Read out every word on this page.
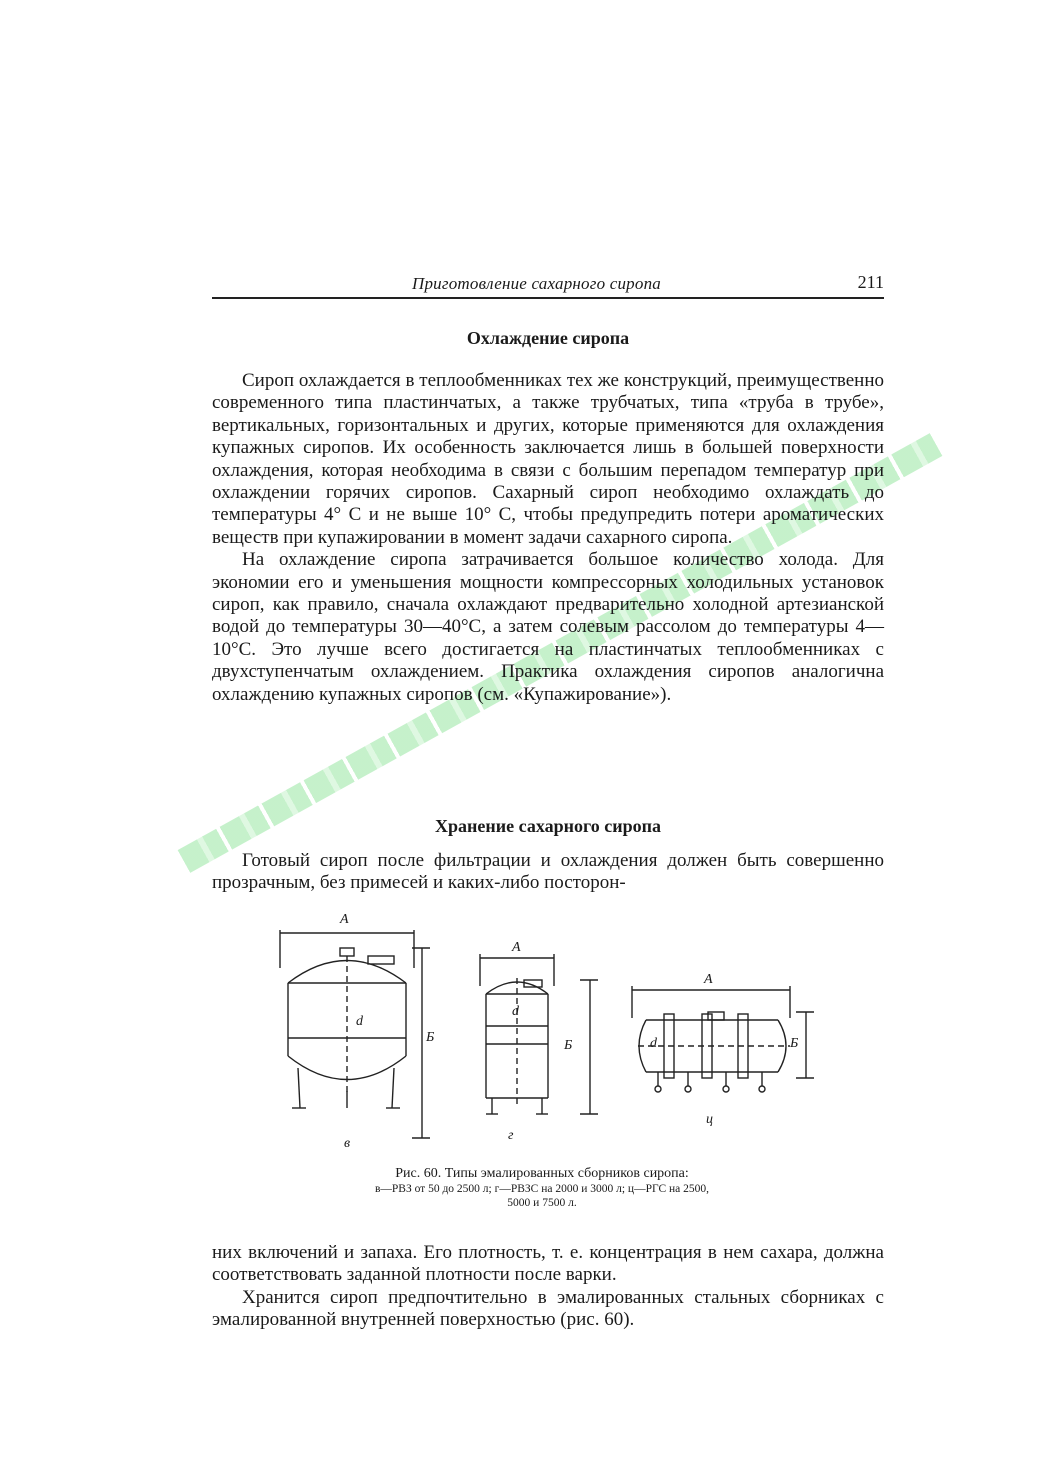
Приготовление сахарного сиропа	211
Охлаждение сиропа

Сироп охлаждается в теплообменниках тех же конструкций, преимущественно современного типа пластинчатых, а также трубчатых, типа «труба в трубе», вертикальных, горизонтальных и других, которые применяются для охлаждения купажных сиропов. Их особенность заключается лишь в большей поверхности охлаждения, которая необходима в связи с большим перепадом температур при охлаждении горячих сиропов. Сахарный сироп необходимо охлаждать до температуры 4° С и не выше 10° С, чтобы предупредить потери ароматических веществ при купажировании в момент задачи сахарного сиропа.

На охлаждение сиропа затрачивается большое количество холода. Для экономии его и уменьшения мощности компрессорных холодильных установок сироп, как правило, сначала охлаждают предварительно холодной артезианской водой до температуры 30—40°С, а затем солевым рассолом до температуры 4—10°С. Это лучше всего достигается на пластинчатых теплообменниках с двухступенчатым охлаждением. Практика охлаждения сиропов аналогична охлаждению купажных сиропов (см. «Купажирование»).

Хранение сахарного сиропа

Готовый сироп после фильтрации и охлаждения должен быть совершенно прозрачным, без примесей и каких-либо посторон-

А
d
Б
в
А
d
Б
г
А
d	Б
ц
Рис. 60. Типы эмалированных сборников сиропа:
в—РВЗ от 50 до 2500 л; г—РВЗС на 2000 и 3000 л; ц—РГС на 2500,
5000 и 7500 л.

них включений и запаха. Его плотность, т. е. концентрация в нем сахара, должна соответствовать заданной плотности после варки.

Хранится сироп предпочтительно в эмалированных стальных сборниках с эмалированной внутренней поверхностью (рис. 60).
